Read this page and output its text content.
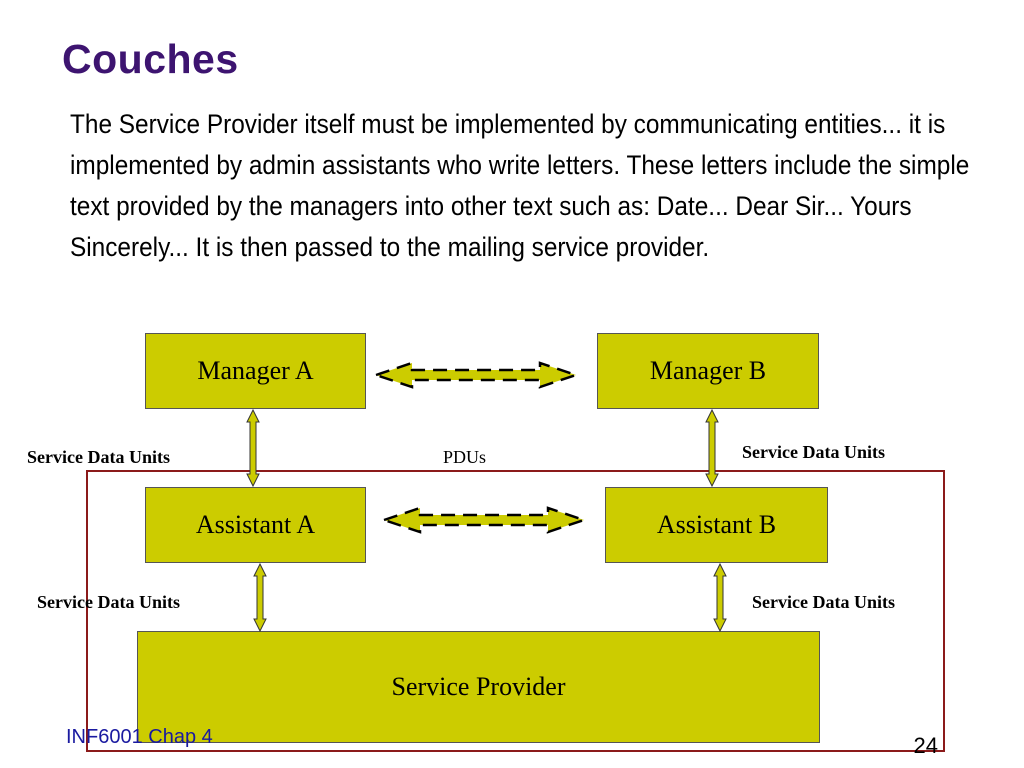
Couches
The Service Provider itself must be implemented by communicating entities... it is implemented by admin assistants who write letters. These letters include the simple text provided by the managers into other text such as: Date... Dear Sir... Yours Sincerely... It is then passed to the mailing service provider.
Manager A	Manager B
Assistant A	Assistant B
Service Provider
Service Data Units	PDUs	Service Data Units
Service Data Units	Service Data Units
INF6001 Chap 4	24
